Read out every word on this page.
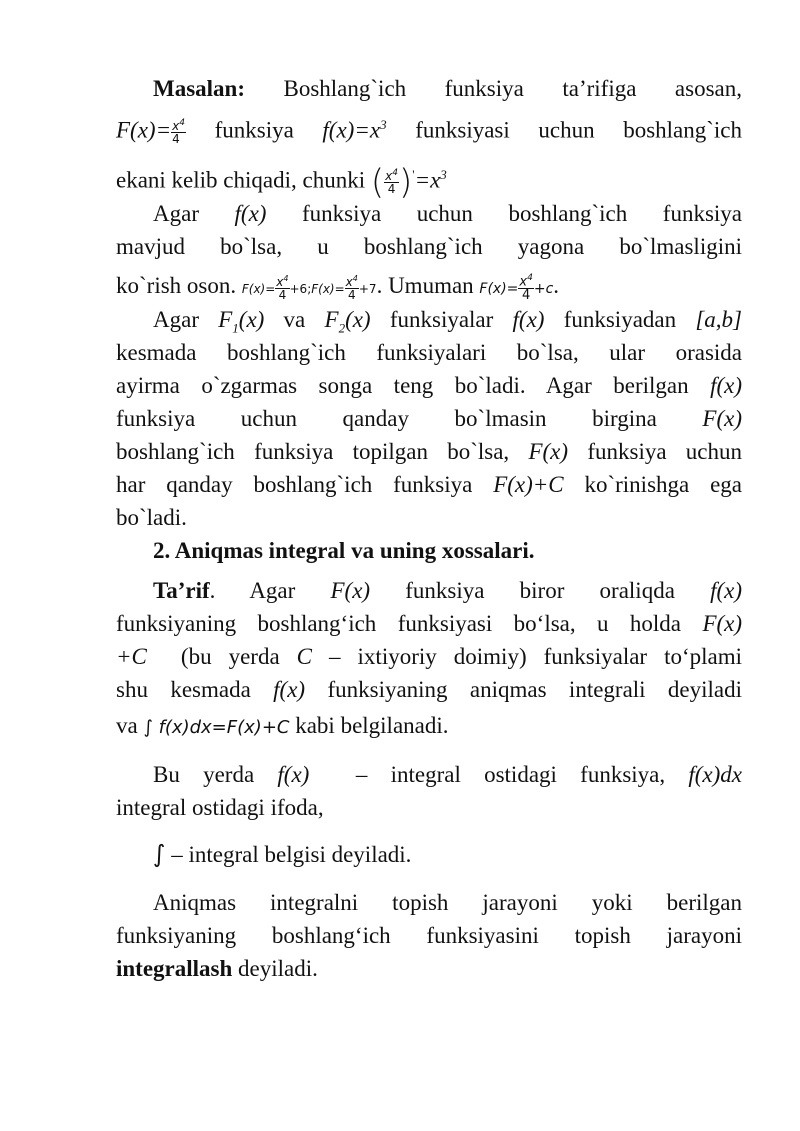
Masalan: Boshlang`ich funksiya ta’rifiga asosan,
$F(x)= \frac{x^4}{4}$ funksiya $f(x)=x^3$ funksiyasi uchun boshlang`ich
ekani kelib chiqadi, chunki ( $\frac{x^4}{4} )'=x^3$
Agar f(x) funksiya uchun boshlang`ich funksiya
mavjud bo`lsa, u boshlang`ich yagona bo`lmasligini
ko`rish oson. $F(x)= \frac{x^4}{4}$ +6;F(x)= $\frac{x^4}{4} +7$. Umuman $F(x)= \frac{x^4}{4} +c$.
Agar $F_1(x)$ va $F_2(x)$ funksiyalar f(x) funksiyadan [a,b]
kesmada boshlang`ich funksiyalari bo`lsa, ular orasida
ayirma o`zgarmas songa teng bo`ladi. Agar berilgan f(x)
funksiya uchun qanday bo`lmasin birgina F(x)
boshlang`ich funksiya topilgan bo`lsa, F(x) funksiya uchun
har qanday boshlang`ich funksiya F(x)+C ko`rinishga ega
bo`ladi.
2. Aniqmas integral va uning xossalari.
Ta’rif. Agar F(x) funksiya biror oraliqda f(x)
funksiyaning boshlang‘ich funksiyasi bo‘lsa, u holda F(x)
+C (bu yerda C – ixtiyoriy doimiy) funksiyalar to‘plami
shu kesmada f(x) funksiyaning aniqmas integrali deyiladi
va ∫ f(x)dx=F(x)+C kabi belgilanadi.
Bu yerda f(x) – integral ostidagi funksiya, f(x)dx
integral ostidagi ifoda,
∫ – integral belgisi deyiladi.
Aniqmas integralni topish jarayoni yoki berilgan
funksiyaning boshlang‘ich funksiyasini topish jarayoni
integrallash deyiladi.
